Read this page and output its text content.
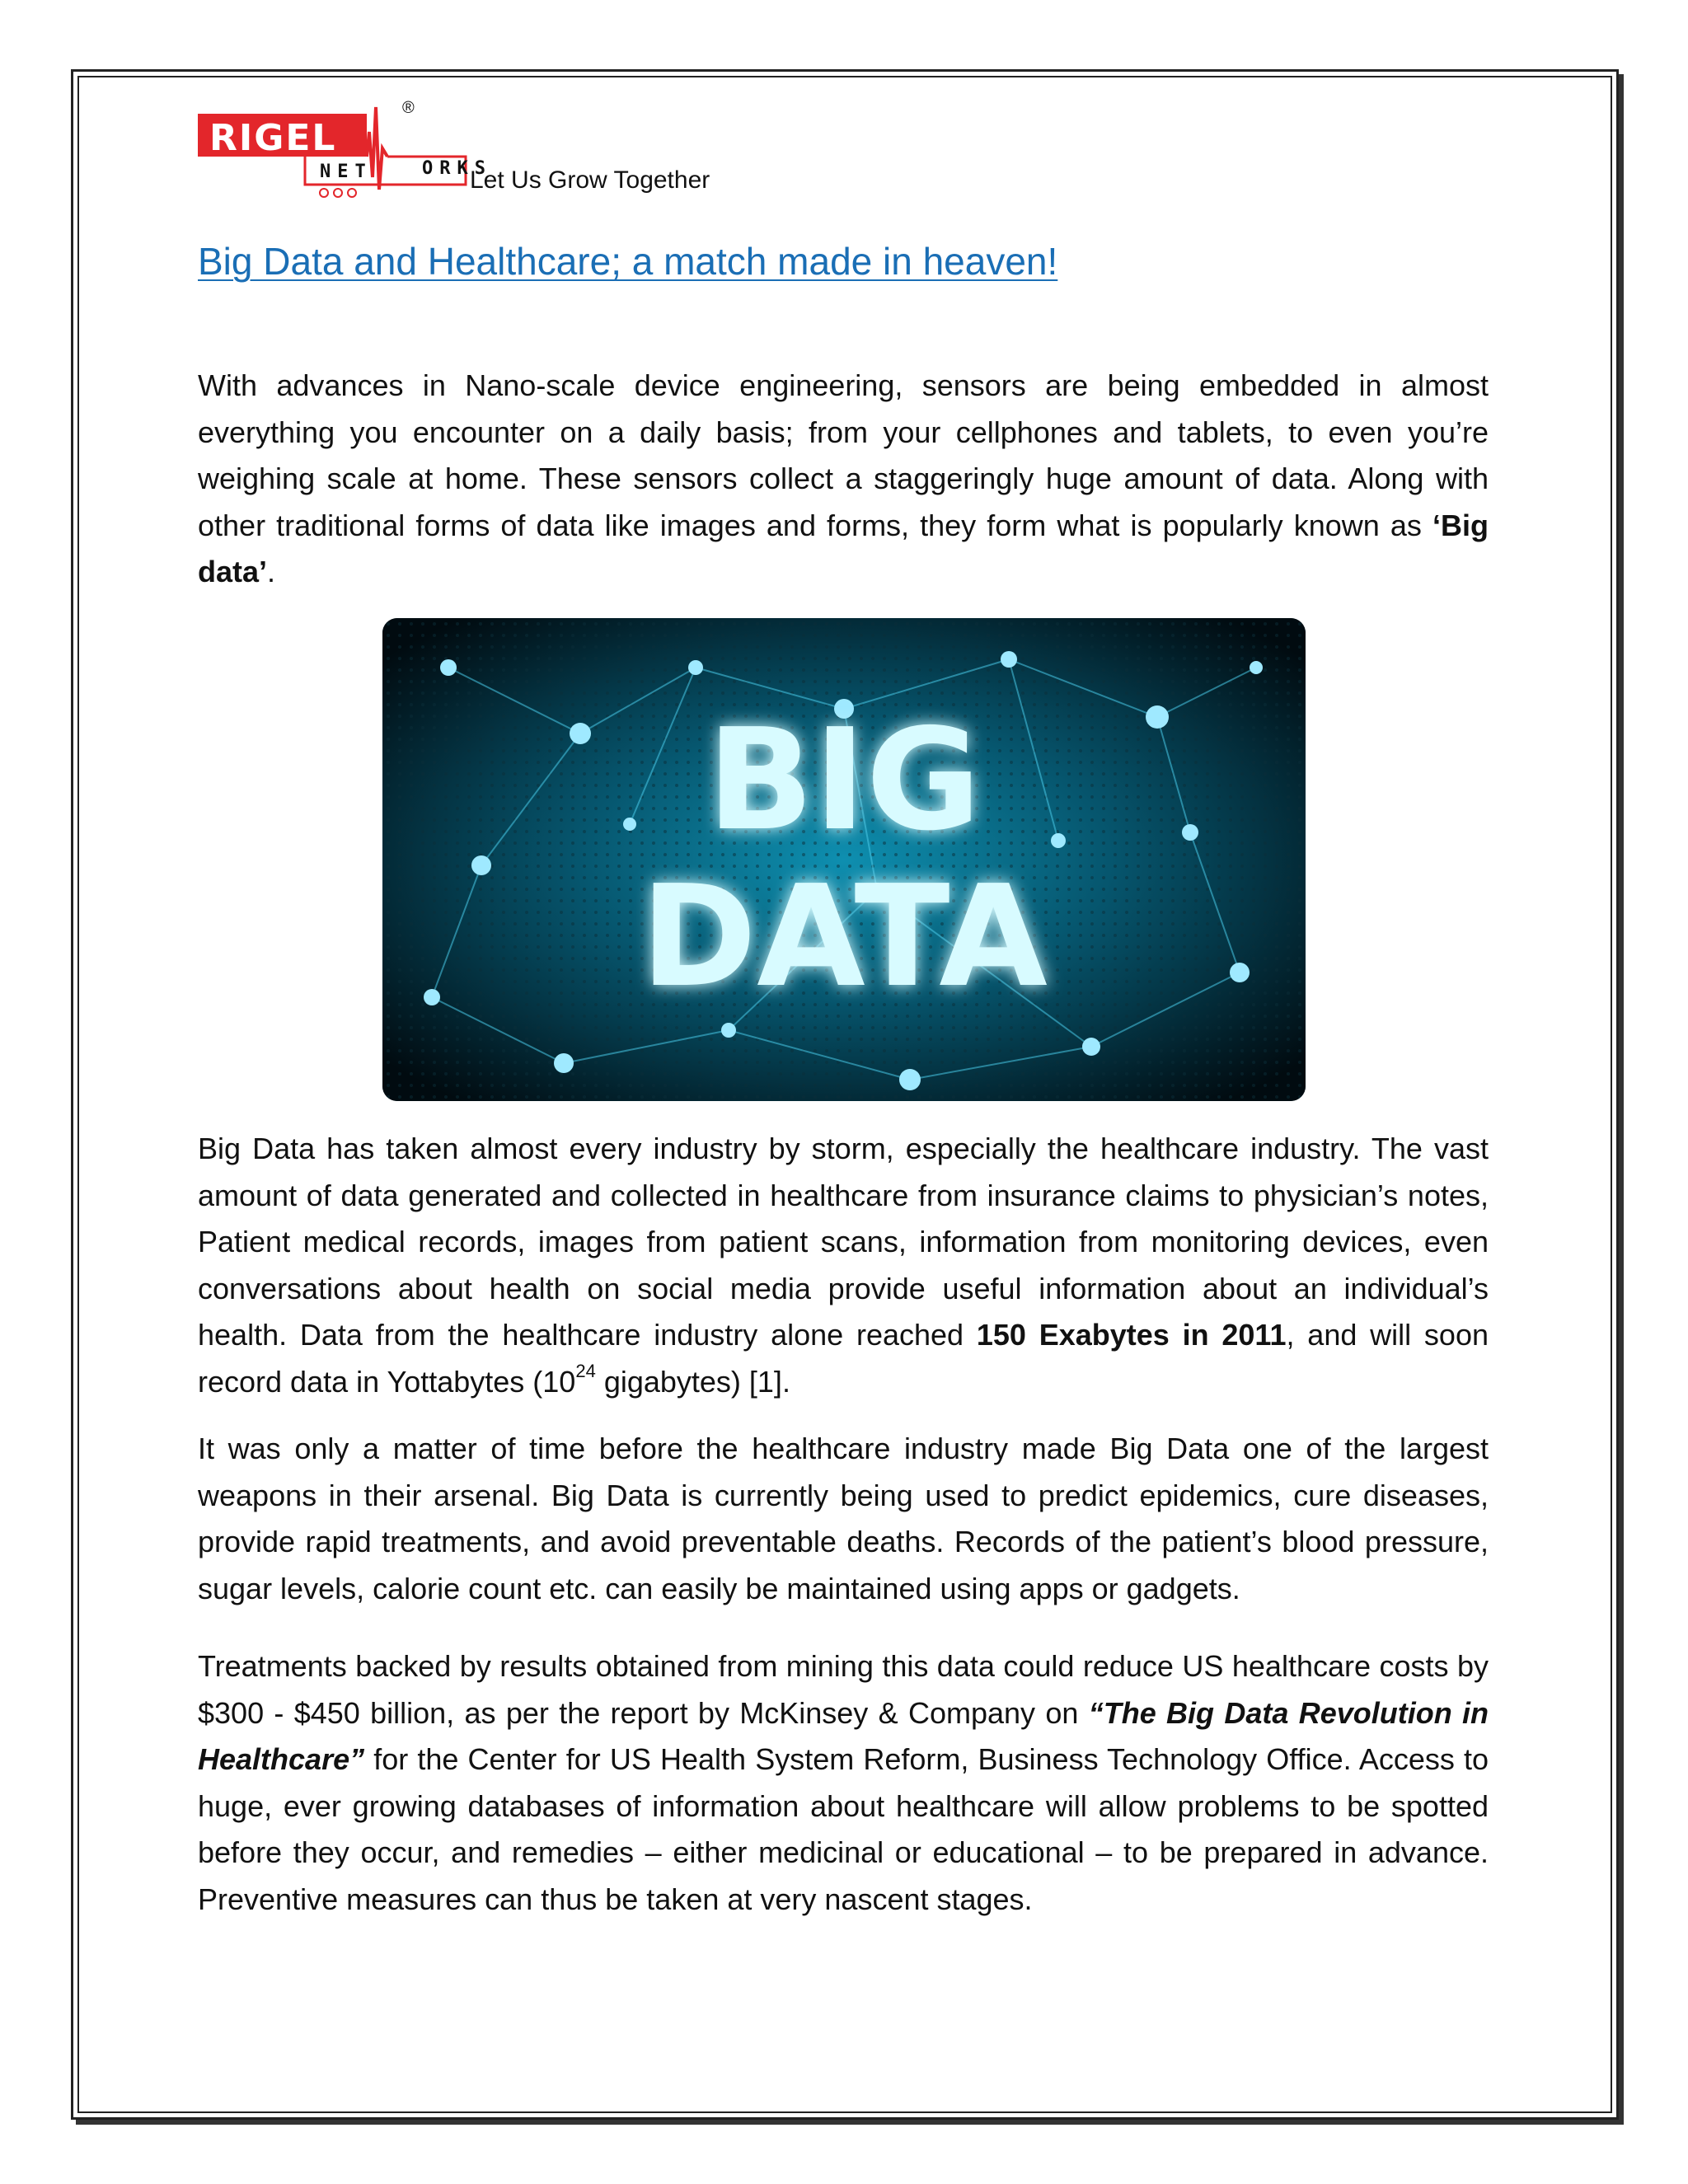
RIGEL
NET	ORKS
®
Let Us Grow Together
Big Data and Healthcare; a match made in heaven!

With advances in Nano-scale device engineering, sensors are being embedded in almost everything you encounter on a daily basis; from your cellphones and tablets, to even you’re weighing scale at home. These sensors collect a staggeringly huge amount of data. Along with other traditional forms of data like images and forms, they form what is popularly known as ‘Big data’.

BIG
DATA

Big Data has taken almost every industry by storm, especially the healthcare industry. The vast amount of data generated and collected in healthcare from insurance claims to physician’s notes, Patient medical records, images from patient scans, information from monitoring devices, even conversations about health on social media provide useful information about an individual’s health. Data from the healthcare industry alone reached 150 Exabytes in 2011, and will soon record data in Yottabytes ($10^{24}$ gigabytes) [1].

It was only a matter of time before the healthcare industry made Big Data one of the largest weapons in their arsenal. Big Data is currently being used to predict epidemics, cure diseases, provide rapid treatments, and avoid preventable deaths. Records of the patient’s blood pressure, sugar levels, calorie count etc. can easily be maintained using apps or gadgets.

Treatments backed by results obtained from mining this data could reduce US healthcare costs by $300 - $450 billion, as per the report by McKinsey & Company on “The Big Data Revolution in Healthcare” for the Center for US Health System Reform, Business Technology Office. Access to huge, ever growing databases of information about healthcare will allow problems to be spotted before they occur, and remedies – either medicinal or educational – to be prepared in advance. Preventive measures can thus be taken at very nascent stages.
